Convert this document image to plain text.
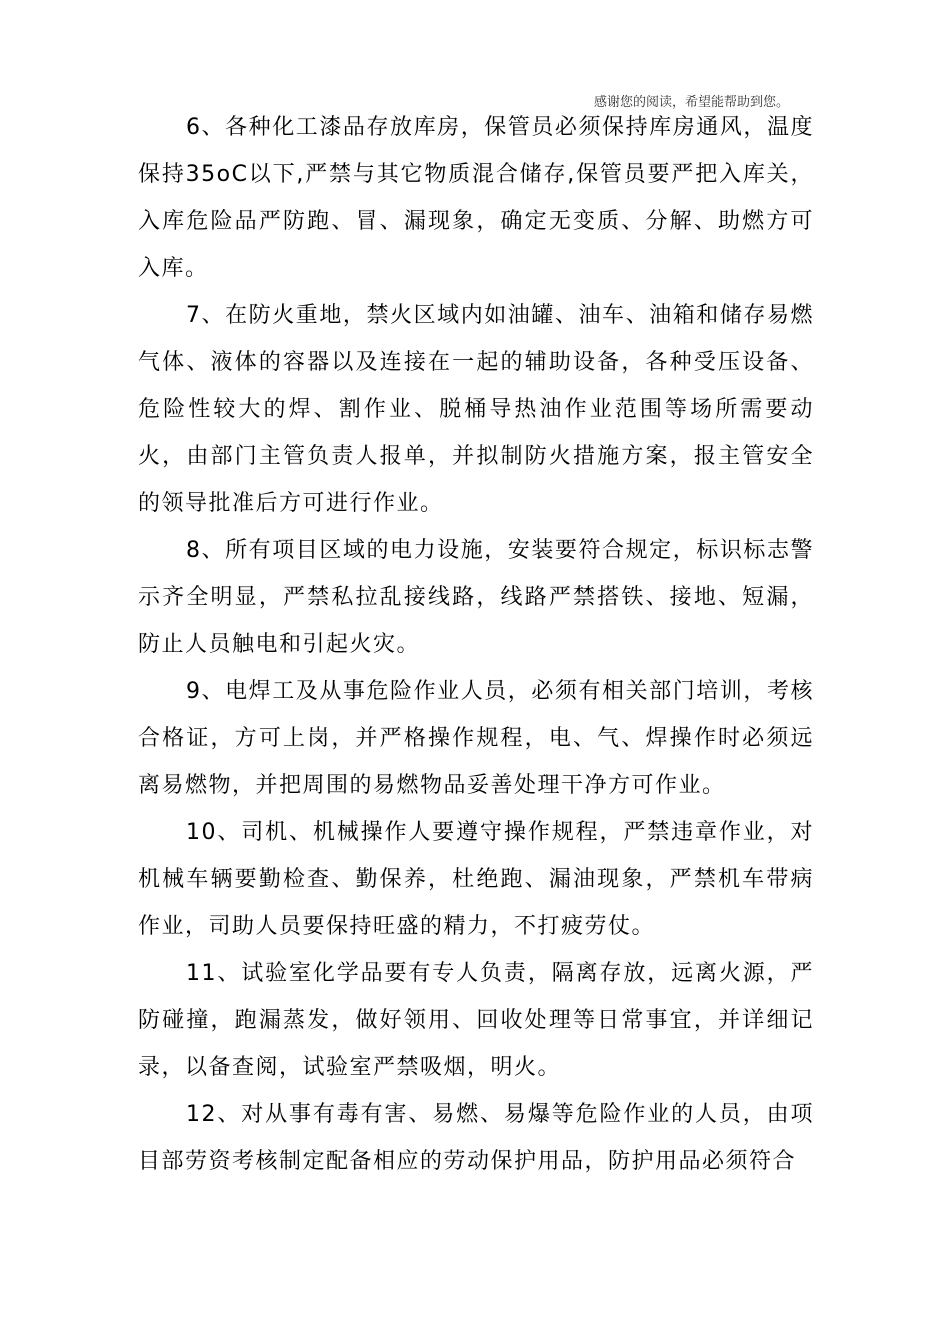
感谢您的阅读，希望能帮助到您。

6、各种化工漆品存放库房，保管员必须保持库房通风，温度保持35oC以下,严禁与其它物质混合储存,保管员要严把入库关，入库危险品严防跑、冒、漏现象，确定无变质、分解、助燃方可入库。

7、在防火重地，禁火区域内如油罐、油车、油箱和储存易燃气体、液体的容器以及连接在一起的辅助设备，各种受压设备、危险性较大的焊、割作业、脱桶导热油作业范围等场所需要动火，由部门主管负责人报单，并拟制防火措施方案，报主管安全的领导批准后方可进行作业。

8、所有项目区域的电力设施，安装要符合规定，标识标志警示齐全明显，严禁私拉乱接线路，线路严禁搭铁、接地、短漏，防止人员触电和引起火灾。

9、电焊工及从事危险作业人员，必须有相关部门培训，考核合格证，方可上岗，并严格操作规程，电、气、焊操作时必须远离易燃物，并把周围的易燃物品妥善处理干净方可作业。

10、司机、机械操作人要遵守操作规程，严禁违章作业，对机械车辆要勤检查、勤保养，杜绝跑、漏油现象，严禁机车带病作业，司助人员要保持旺盛的精力，不打疲劳仗。

11、试验室化学品要有专人负责，隔离存放，远离火源，严防碰撞，跑漏蒸发，做好领用、回收处理等日常事宜，并详细记录，以备查阅，试验室严禁吸烟，明火。

12、对从事有毒有害、易燃、易爆等危险作业的人员，由项目部劳资考核制定配备相应的劳动保护用品，防护用品必须符合
